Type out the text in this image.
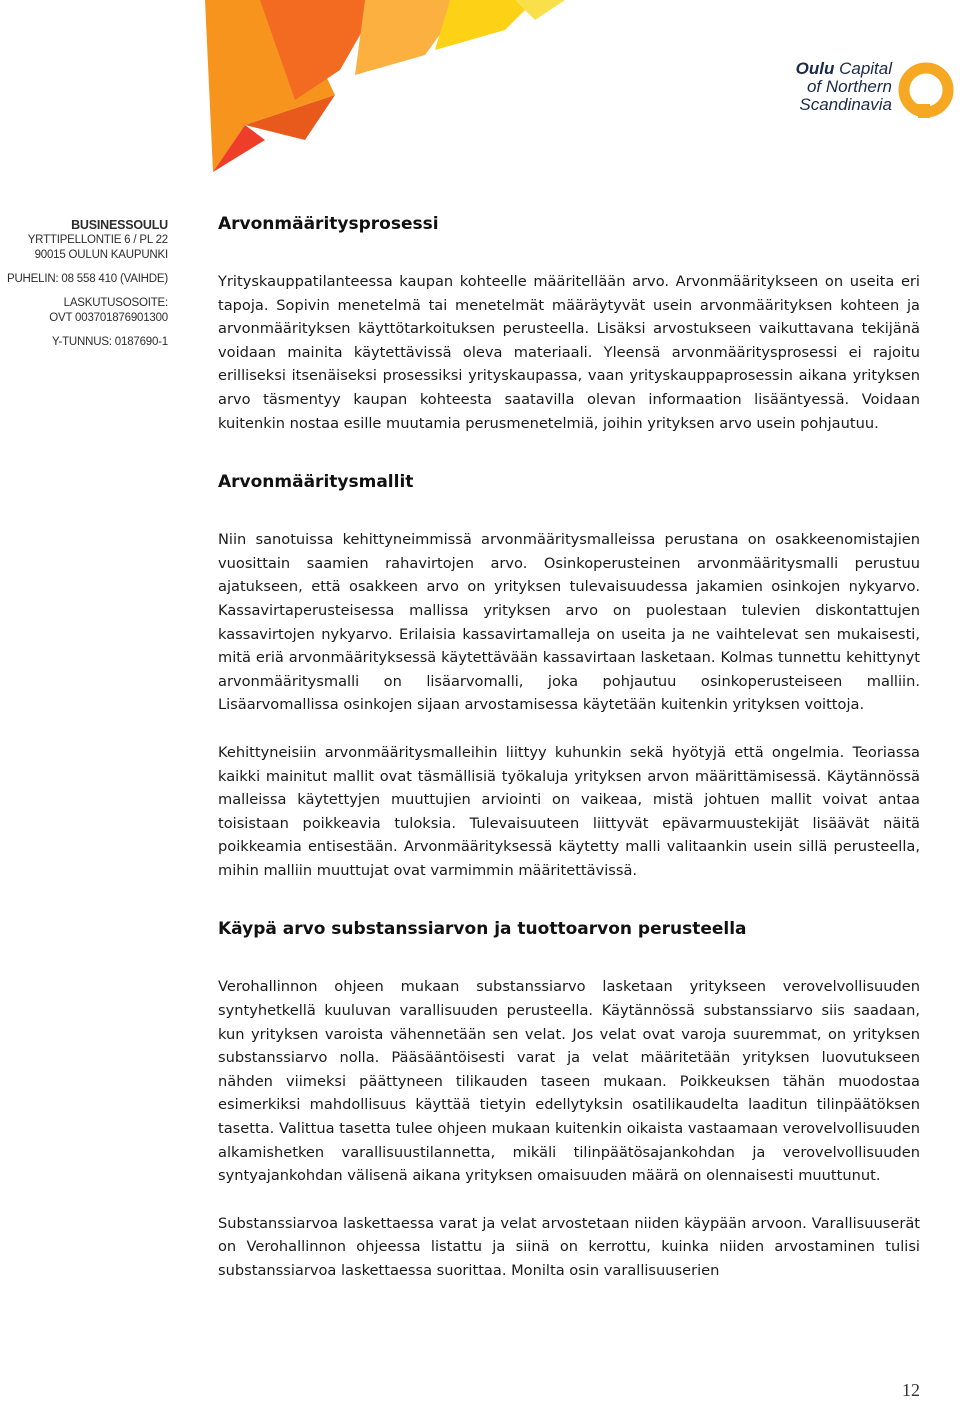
Oulu Capital
of Northern
Scandinavia
BUSINESSOULU
YRTTIPELLONTIE 6 / PL 22
90015 OULUN KAUPUNKI
PUHELIN: 08 558 410 (VAIHDE)
LASKUTUSOSOITE:
OVT 003701876901300
Y-TUNNUS: 0187690-1
Arvonmääritysprosessi

Yrityskauppatilanteessa kaupan kohteelle määritellään arvo. Arvonmääritykseen on useita eri tapoja. Sopivin menetelmä tai menetelmät määräytyvät usein arvonmäärityksen kohteen ja arvonmäärityksen käyttötarkoituksen perusteella. Lisäksi arvostukseen vaikuttavana tekijänä voidaan mainita käytettävissä oleva materiaali. Yleensä arvonmääritysprosessi ei rajoitu erilliseksi itsenäiseksi prosessiksi yrityskaupassa, vaan yrityskauppaprosessin aikana yrityksen arvo täsmentyy kaupan kohteesta saatavilla olevan informaation lisääntyessä. Voidaan kuitenkin nostaa esille muutamia perusmenetelmiä, joihin yrityksen arvo usein pohjautuu.

Arvonmääritysmallit

Niin sanotuissa kehittyneimmissä arvonmääritysmalleissa perustana on osakkeenomistajien vuosittain saamien rahavirtojen arvo. Osinkoperusteinen arvonmääritysmalli perustuu ajatukseen, että osakkeen arvo on yrityksen tulevaisuudessa jakamien osinkojen nykyarvo. Kassavirtaperusteisessa mallissa yrityksen arvo on puolestaan tulevien diskontattujen kassavirtojen nykyarvo. Erilaisia kassavirtamalleja on useita ja ne vaihtelevat sen mukaisesti, mitä eriä arvonmäärityksessä käytettävään kassavirtaan lasketaan. Kolmas tunnettu kehittynyt arvonmääritysmalli on lisäarvomalli, joka pohjautuu osinkoperusteiseen malliin. Lisäarvomallissa osinkojen sijaan arvostamisessa käytetään kuitenkin yrityksen voittoja.

Kehittyneisiin arvonmääritysmalleihin liittyy kuhunkin sekä hyötyjä että ongelmia. Teoriassa kaikki mainitut mallit ovat täsmällisiä työkaluja yrityksen arvon määrittämisessä. Käytännössä malleissa käytettyjen muuttujien arviointi on vaikeaa, mistä johtuen mallit voivat antaa toisistaan poikkeavia tuloksia. Tulevaisuuteen liittyvät epävarmuustekijät lisäävät näitä poikkeamia entisestään. Arvonmäärityksessä käytetty malli valitaankin usein sillä perusteella, mihin malliin muuttujat ovat varmimmin määritettävissä.

Käypä arvo substanssiarvon ja tuottoarvon perusteella

Verohallinnon ohjeen mukaan substanssiarvo lasketaan yritykseen verovelvollisuuden syntyhetkellä kuuluvan varallisuuden perusteella. Käytännössä substanssiarvo siis saadaan, kun yrityksen varoista vähennetään sen velat. Jos velat ovat varoja suuremmat, on yrityksen substanssiarvo nolla. Pääsääntöisesti varat ja velat määritetään yrityksen luovutukseen nähden viimeksi päättyneen tilikauden taseen mukaan. Poikkeuksen tähän muodostaa esimerkiksi mahdollisuus käyttää tietyin edellytyksin osatilikaudelta laaditun tilinpäätöksen tasetta. Valittua tasetta tulee ohjeen mukaan kuitenkin oikaista vastaamaan verovelvollisuuden alkamishetken varallisuustilannetta, mikäli tilinpäätösajankohdan ja verovelvollisuuden syntyajankohdan välisenä aikana yrityksen omaisuuden määrä on olennaisesti muuttunut.

Substanssiarvoa laskettaessa varat ja velat arvostetaan niiden käypään arvoon. Varallisuuserät on Verohallinnon ohjeessa listattu ja siinä on kerrottu, kuinka niiden arvostaminen tulisi substanssiarvoa laskettaessa suorittaa. Monilta osin varallisuuserien

12
